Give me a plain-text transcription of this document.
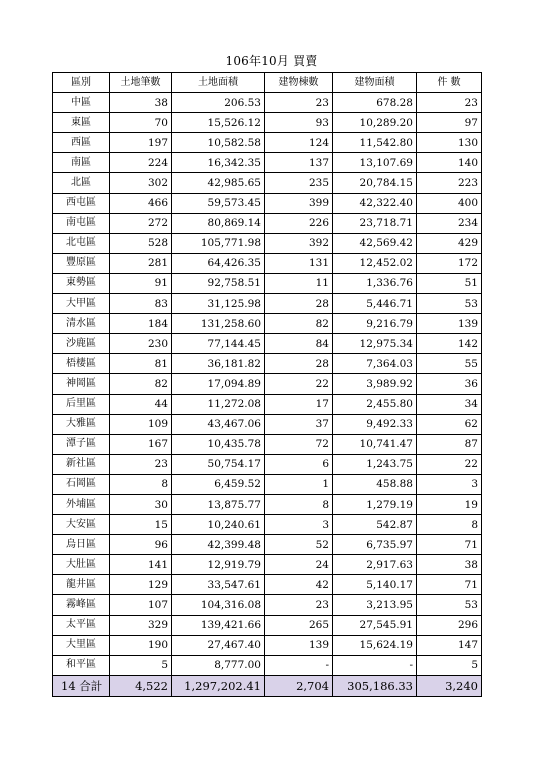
106年10月 買賣
區別	土地筆數	土地面積	建物棟數	建物面積	件 數
中區	38	206.53	23	678.28	23
東區	70	15,526.12	93	10,289.20	97
西區	197	10,582.58	124	11,542.80	130
南區	224	16,342.35	137	13,107.69	140
北區	302	42,985.65	235	20,784.15	223
西屯區	466	59,573.45	399	42,322.40	400
南屯區	272	80,869.14	226	23,718.71	234
北屯區	528	105,771.98	392	42,569.42	429
豐原區	281	64,426.35	131	12,452.02	172
東勢區	91	92,758.51	11	1,336.76	51
大甲區	83	31,125.98	28	5,446.71	53
清水區	184	131,258.60	82	9,216.79	139
沙鹿區	230	77,144.45	84	12,975.34	142
梧棲區	81	36,181.82	28	7,364.03	55
神岡區	82	17,094.89	22	3,989.92	36
后里區	44	11,272.08	17	2,455.80	34
大雅區	109	43,467.06	37	9,492.33	62
潭子區	167	10,435.78	72	10,741.47	87
新社區	23	50,754.17	6	1,243.75	22
石岡區	8	6,459.52	1	458.88	3
外埔區	30	13,875.77	8	1,279.19	19
大安區	15	10,240.61	3	542.87	8
烏日區	96	42,399.48	52	6,735.97	71
大肚區	141	12,919.79	24	2,917.63	38
龍井區	129	33,547.61	42	5,140.17	71
霧峰區	107	104,316.08	23	3,213.95	53
太平區	329	139,421.66	265	27,545.91	296
大里區	190	27,467.40	139	15,624.19	147
和平區	5	8,777.00	-	-	5
14 合計	4,522	1,297,202.41	2,704	305,186.33	3,240
